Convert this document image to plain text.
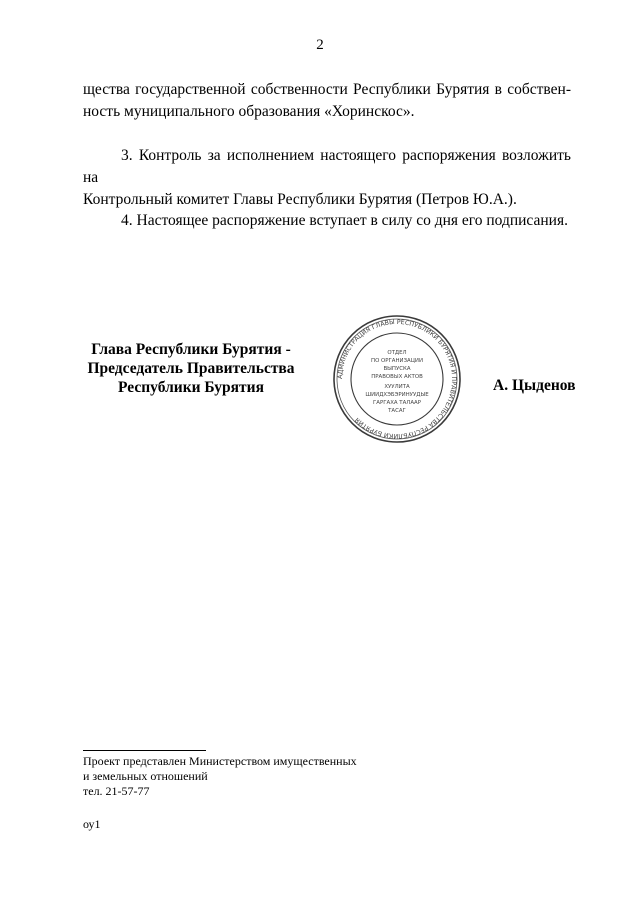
2
щества государственной собственности Республики Бурятия в собствен-
ность муниципального образования «Хоринскос».
3. Контроль за исполнением настоящего распоряжения возложить на
Контрольный комитет Главы Республики Бурятия (Петров Ю.А.).
4. Настоящее распоряжение вступает в силу со дня его подписания.
Глава Республики Бурятия -
Председатель Правительства
Республики Бурятия
АДМИНИСТРАЦИЯ ГЛАВЫ РЕСПУБЛИКИ БУРЯТИЯ И ПРАВИТЕЛЬСТВА РЕСПУБЛИКИ БУРЯТИЯ
ОТДЕЛ
ПО ОРГАНИЗАЦИИ
ВЫПУСКА
ПРАВОВЫХ АКТОВ
ХУУЛИТА
ШИИДХЭБЭРИНУУДЫЕ
ГАРГАХА ТАЛААР
ТАСАГ
А. Цыденов
Проект представлен Министерством имущественных
и земельных отношений
тел. 21-57-77
оу1
